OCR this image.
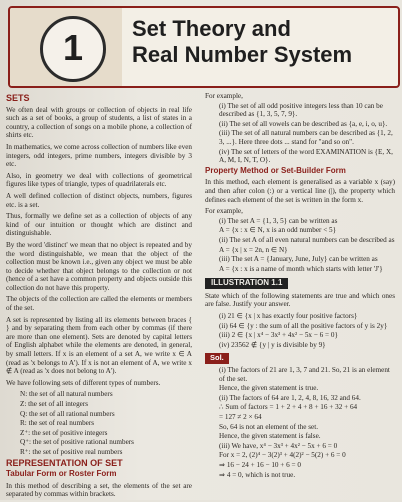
1	Set Theory and
Real Number System
SETS

We often deal with groups or collection of objects in real life such as a set of books, a group of students, a list of states in a country, a collection of songs on a mobile phone, a collection of shirts etc.

In mathematics, we come across collection of numbers like even integers, odd integers, prime numbers, integers divisible by 3 etc.

Also, in geometry we deal with collections of geometrical figures like types of triangle, types of quadrilaterals etc.

A well defined collection of distinct objects, numbers, figures etc. is a set.

Thus, formally we define set as a collection of objects of any kind of our intuition or thought which are distinct and distinguishable.

By the word 'distinct' we mean that no object is repeated and by the word distinguishable, we mean that the object of the collection must be known i.e., given any object we must be able to decide whether that object belongs to the collection or not (hence of a set have a common property and objects outside this collection do not have this property.

The objects of the collection are called the elements or members of the set.

A set is represented by listing all its elements between braces { } and by separating them from each other by commas (if there are more than one element). Sets are denoted by capital letters of English alphabet while the elements are denoted, in general, by small letters. If x is an element of a set A, we write x ∈ A (read as 'x belongs to A'). If x is not an element of A, we write x ∉ A (read as 'x does not belong to A').

We have following sets of different types of numbers.

N: the set of all natural numbers
Z: the set of all integers
Q: the set of all rational numbers
R: the set of real numbers
Z⁺: the set of positive integers
Q⁺: the set of positive rational numbers
R⁺: the set of positive real numbers
REPRESENTATION OF SET
Tabular Form or Roster Form

In this method of describing a set, the elements of the set are separated by commas within brackets.

For example,
(i) The set of all odd positive integers less than 10 can be described as {1, 3, 5, 7, 9}.
(ii) The set of all vowels can be described as {a, e, i, o, u}.
(iii) The set of all natural numbers can be described as {1, 2, 3, ...}. Here three dots ... stand for "and so on".
(iv) The set of letters of the word EXAMINATION is {E, X, A, M, I, N, T, O}.
Property Method or Set-Builder Form

In this method, each element is generalised as a variable x (say) and then after colon (:) or a vertical line (|), the property which defines each element of the set is written in the form x.

For example,
(i) The set A = {1, 3, 5} can be written as
A = {x : x ∈ N, x is an odd number < 5}
(ii) The set A of all even natural numbers can be described as
A = {x | x = 2n, n ∈ N}
(iii) The set A = {January, June, July} can be written as
A = {x : x is a name of month which starts with letter 'J'}
ILLUSTRATION 1.1

State which of the following statements are true and which ones are false. Justify your answer.

(i) 21 ∈ {x | x has exactly four positive factors}
(ii) 64 ∈ {y : the sum of all the positive factors of y is 2y}
(iii) 2 ∈ {x | x⁴ − 3x³ + 4x² − 5x − 6 = 0}
(iv) 23562 ∉ {y | y is divisible by 9}
Sol.
(i) The factors of 21 are 1, 3, 7 and 21. So, 21 is an element of the set.
Hence, the given statement is true.
(ii) The factors of 64 are 1, 2, 4, 8, 16, 32 and 64.
∴ Sum of factors = 1 + 2 + 4 + 8 + 16 + 32 + 64
= 127 ≠ 2 × 64
So, 64 is not an element of the set.
Hence, the given statement is false.
(iii) We have, x⁴ − 3x³ + 4x² − 5x + 6 = 0
For x = 2, (2)⁴ − 3(2)³ + 4(2)² − 5(2) + 6 = 0
⇒ 16 − 24 + 16 − 10 + 6 = 0
⇒ 4 = 0, which is not true.
